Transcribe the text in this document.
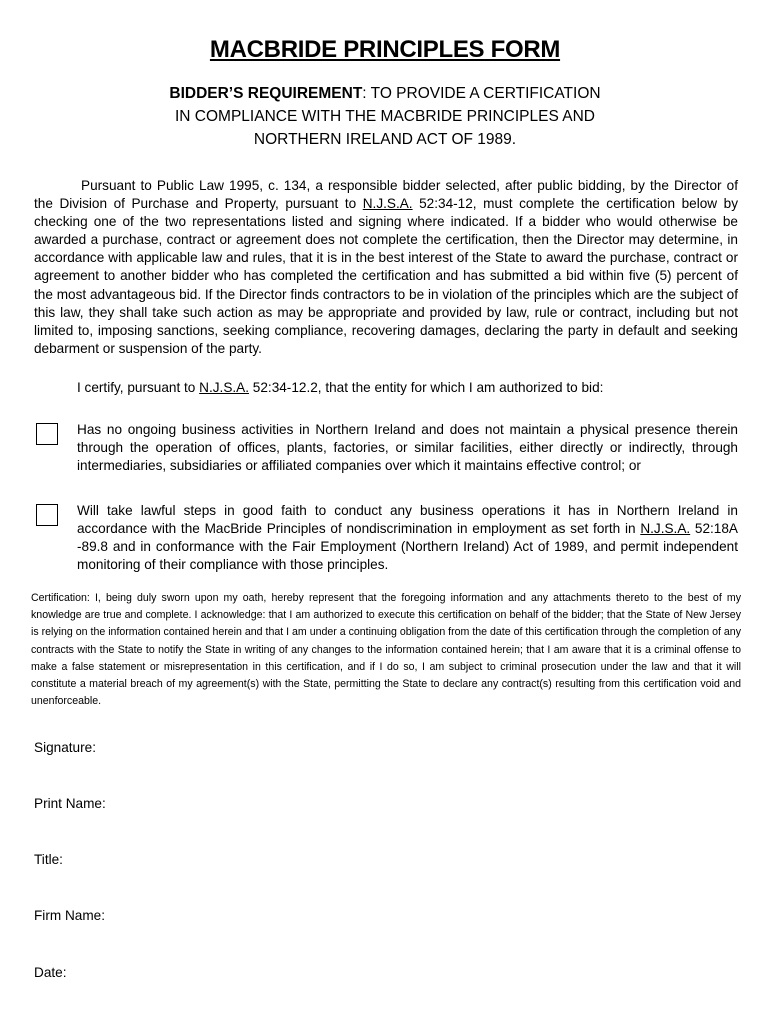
MACBRIDE PRINCIPLES FORM
BIDDER’S REQUIREMENT: TO PROVIDE A CERTIFICATION
IN COMPLIANCE WITH THE MACBRIDE PRINCIPLES AND
NORTHERN IRELAND ACT OF 1989.

Pursuant to Public Law 1995, c. 134, a responsible bidder selected, after public bidding, by the Director of the Division of Purchase and Property, pursuant to N.J.S.A. 52:34-12, must complete the certification below by checking one of the two representations listed and signing where indicated. If a bidder who would otherwise be awarded a purchase, contract or agreement does not complete the certification, then the Director may determine, in accordance with applicable law and rules, that it is in the best interest of the State to award the purchase, contract or agreement to another bidder who has completed the certification and has submitted a bid within five (5) percent of the most advantageous bid. If the Director finds contractors to be in violation of the principles which are the subject of this law, they shall take such action as may be appropriate and provided by law, rule or contract, including but not limited to, imposing sanctions, seeking compliance, recovering damages, declaring the party in default and seeking debarment or suspension of the party.

I certify, pursuant to N.J.S.A. 52:34-12.2, that the entity for which I am authorized to bid:

Has no ongoing business activities in Northern Ireland and does not maintain a physical presence therein through the operation of offices, plants, factories, or similar facilities, either directly or indirectly, through intermediaries, subsidiaries or affiliated companies over which it maintains effective control; or

Will take lawful steps in good faith to conduct any business operations it has in Northern Ireland in accordance with the MacBride Principles of nondiscrimination in employment as set forth in N.J.S.A. 52:18A -89.8 and in conformance with the Fair Employment (Northern Ireland) Act of 1989, and permit independent monitoring of their compliance with those principles.

Certification: I, being duly sworn upon my oath, hereby represent that the foregoing information and any attachments thereto to the best of my knowledge are true and complete. I acknowledge: that I am authorized to execute this certification on behalf of the bidder; that the State of New Jersey is relying on the information contained herein and that I am under a continuing obligation from the date of this certification through the completion of any contracts with the State to notify the State in writing of any changes to the information contained herein; that I am aware that it is a criminal offense to make a false statement or misrepresentation in this certification, and if I do so, I am subject to criminal prosecution under the law and that it will constitute a material breach of my agreement(s) with the State, permitting the State to declare any contract(s) resulting from this certification void and unenforceable.

Signature:
Print Name:
Title:
Firm Name:
Date:
